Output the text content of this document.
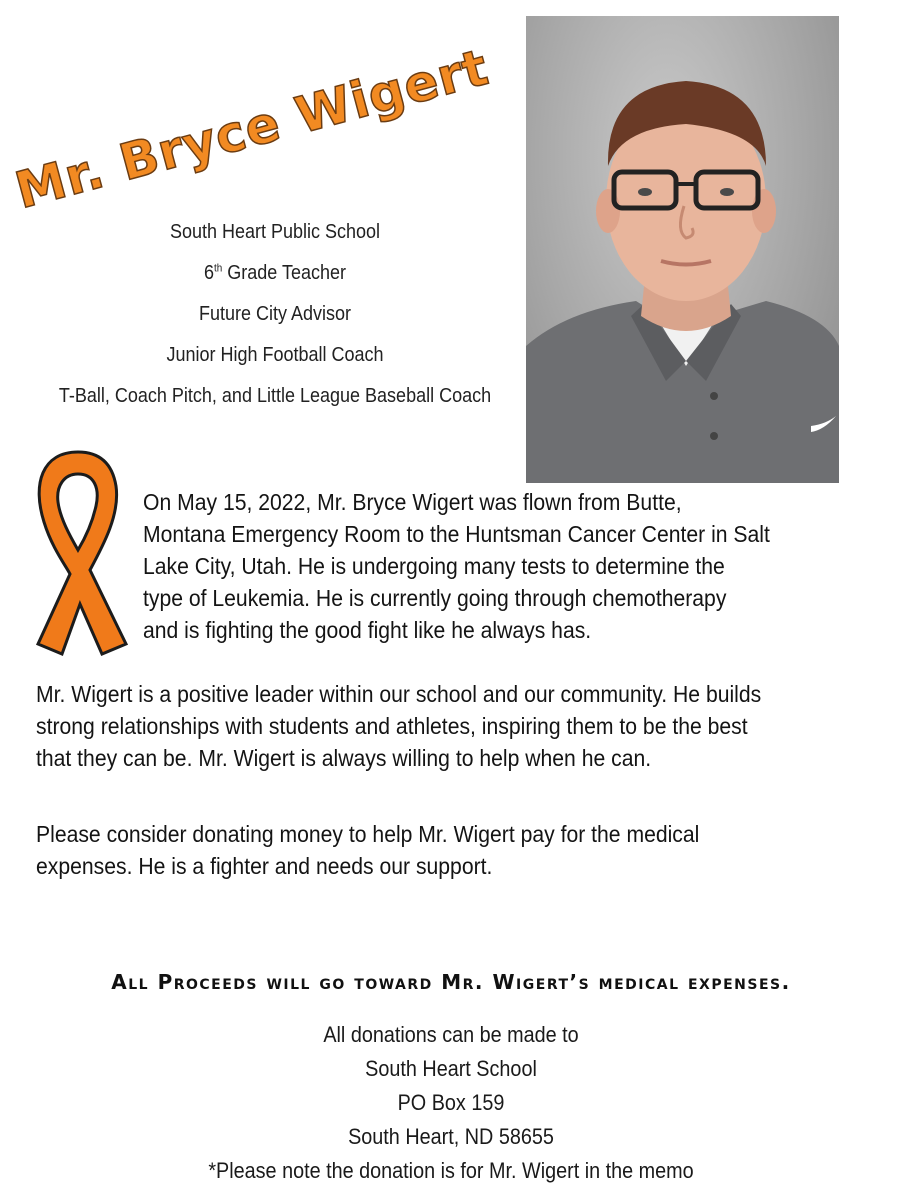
Mr. Bryce Wigert
South Heart Public School
6th Grade Teacher
Future City Advisor
Junior High Football Coach
T-Ball, Coach Pitch, and Little League Baseball Coach
On May 15, 2022, Mr. Bryce Wigert was flown from Butte,
Montana Emergency Room to the Huntsman Cancer Center in Salt
Lake City, Utah. He is undergoing many tests to determine the
type of Leukemia. He is currently going through chemotherapy
and is fighting the good fight like he always has.
Mr. Wigert is a positive leader within our school and our community. He builds
strong relationships with students and athletes, inspiring them to be the best
that they can be. Mr. Wigert is always willing to help when he can.
Please consider donating money to help Mr. Wigert pay for the medical
expenses. He is a fighter and needs our support.
All Proceeds will go toward Mr. Wigert’s medical expenses.
All donations can be made to
South Heart School
PO Box 159
South Heart, ND 58655
*Please note the donation is for Mr. Wigert in the memo
